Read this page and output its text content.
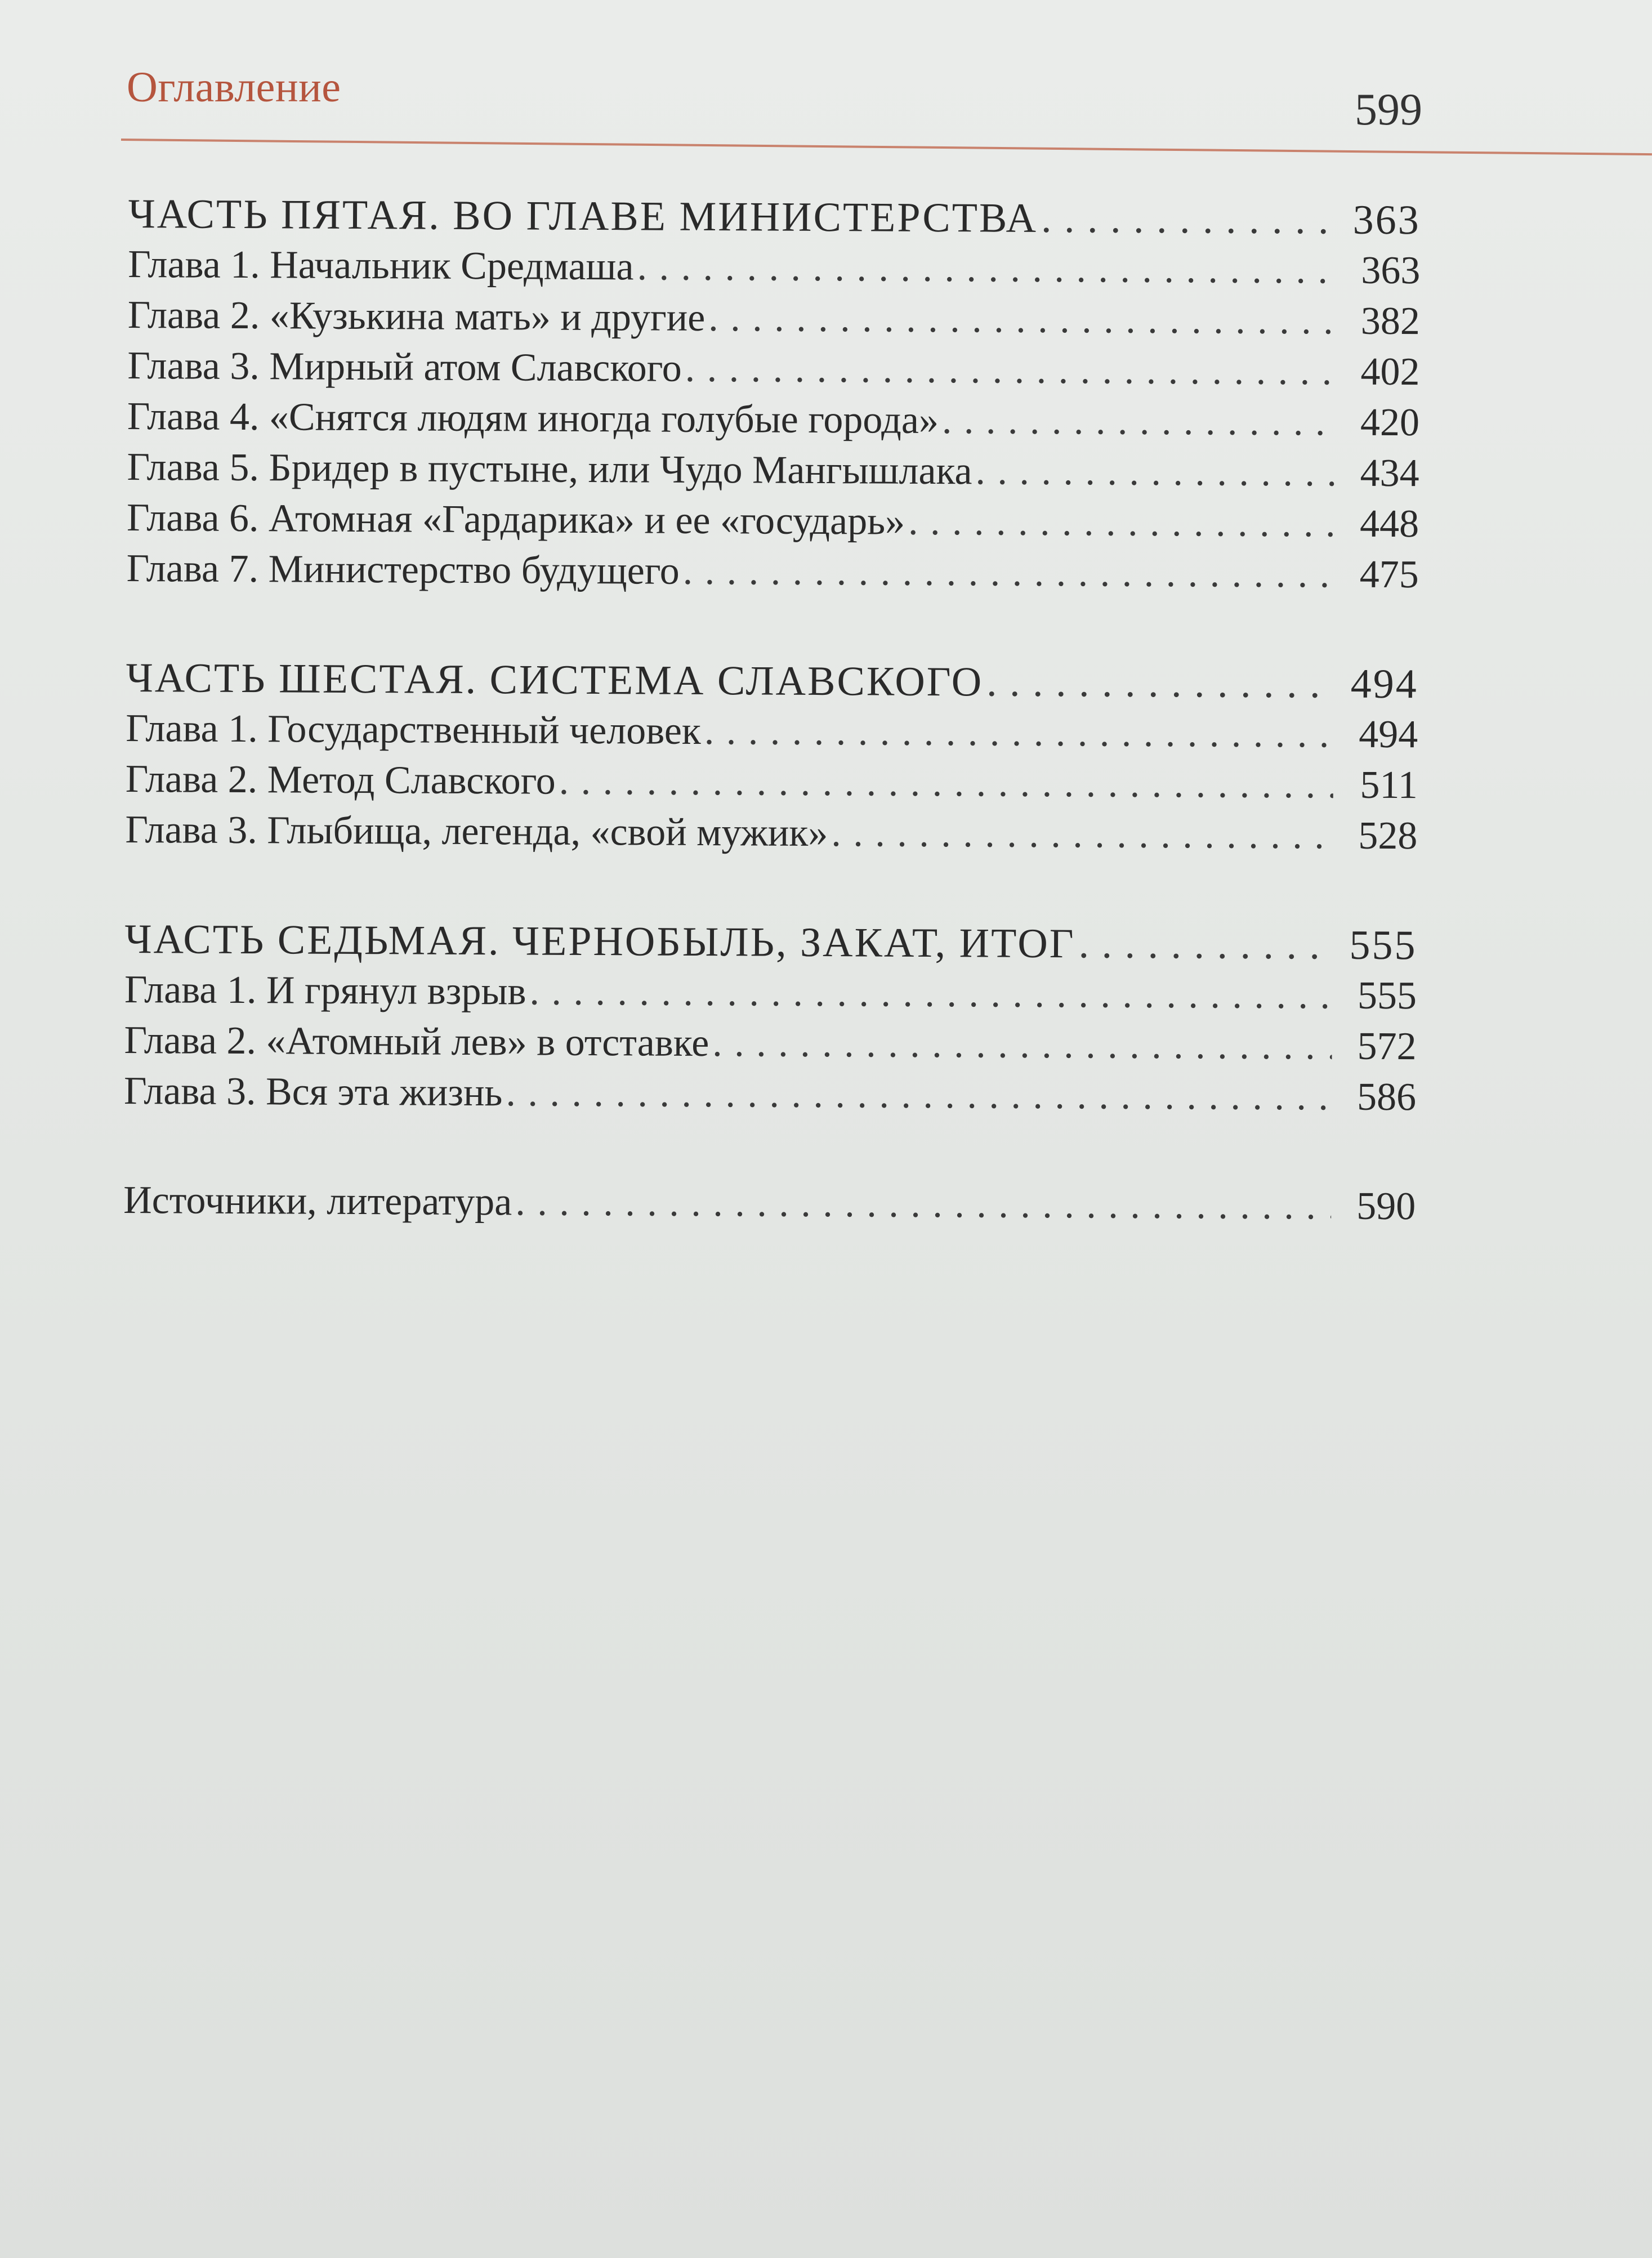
Оглавление	599
ЧАСТЬ ПЯТАЯ. ВО ГЛАВЕ МИНИСТЕРСТВА . . .	363
Глава 1. Начальник Средмаша . . .	363
Глава 2. «Кузькина мать» и другие . . .	382
Глава 3. Мирный атом Славского . . .	402
Глава 4. «Снятся людям иногда голубые города» . . .	420
Глава 5. Бридер в пустыне, или Чудо Мангышлака . . .	434
Глава 6. Атомная «Гардарика» и ее «государь» . . .	448
Глава 7. Министерство будущего . . .	475
ЧАСТЬ ШЕСТАЯ. СИСТЕМА СЛАВСКОГО . . .	494
Глава 1. Государственный человек . . .	494
Глава 2. Метод Славского . . .	511
Глава 3. Глыбища, легенда, «свой мужик» . . .	528
ЧАСТЬ СЕДЬМАЯ. ЧЕРНОБЫЛЬ, ЗАКАТ, ИТОГ . . .	555
Глава 1. И грянул взрыв . . .	555
Глава 2. «Атомный лев» в отставке . . .	572
Глава 3. Вся эта жизнь . . .	586
Источники, литература . . .	590
